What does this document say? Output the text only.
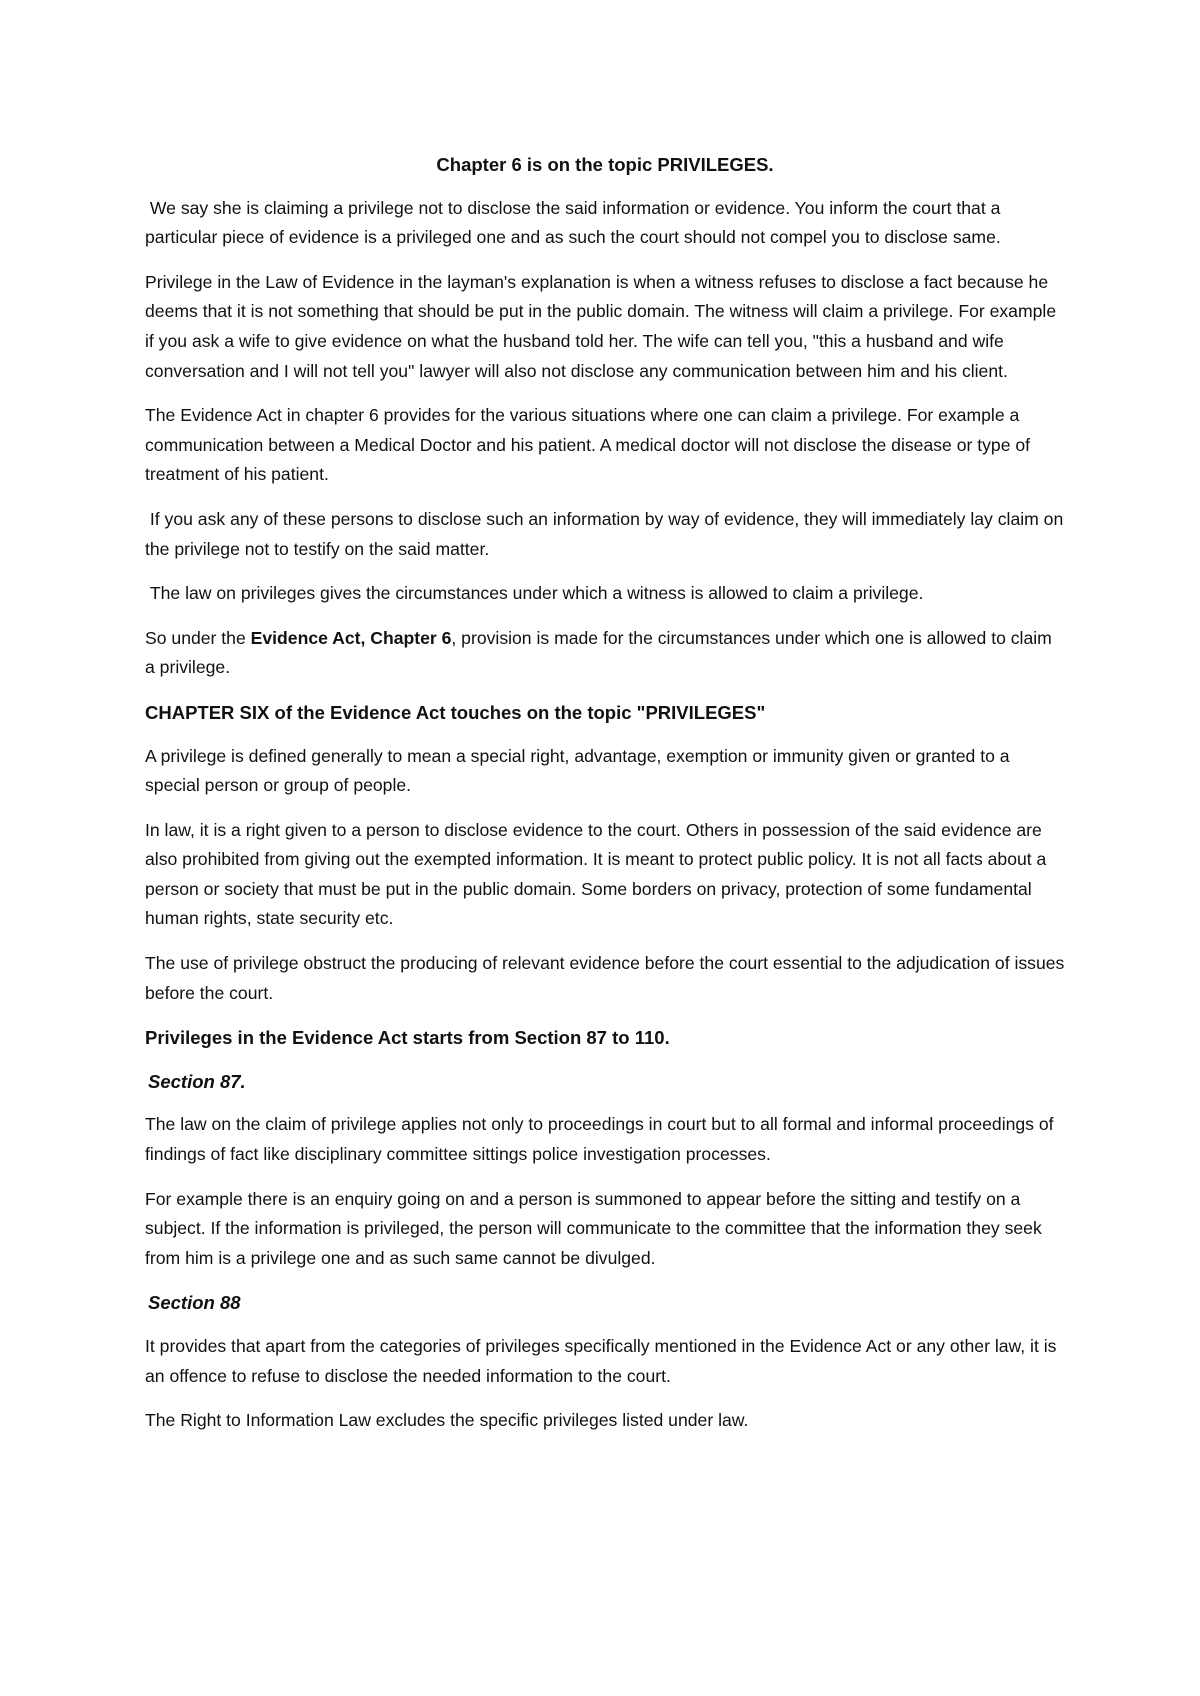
Chapter 6 is on the topic PRIVILEGES.

We say she is claiming a privilege not to disclose the said information or evidence. You inform the court that a particular piece of evidence is a privileged one and as such the court should not compel you to disclose same.

Privilege in the Law of Evidence in the layman's explanation is when a witness refuses to disclose a fact because he deems that it is not something that should be put in the public domain. The witness will claim a privilege. For example if you ask a wife to give evidence on what the husband told her. The wife can tell you, "this a husband and wife conversation and I will not tell you" lawyer will also not disclose any communication between him and his client.

The Evidence Act in chapter 6 provides for the various situations where one can claim a privilege. For example a communication between a Medical Doctor and his patient. A medical doctor will not disclose the disease or type of treatment of his patient.

If you ask any of these persons to disclose such an information by way of evidence, they will immediately lay claim on the privilege not to testify on the said matter.

The law on privileges gives the circumstances under which a witness is allowed to claim a privilege.

So under the Evidence Act, Chapter 6, provision is made for the circumstances under which one is allowed to claim a privilege.

CHAPTER SIX of the Evidence Act touches on the topic "PRIVILEGES"

A privilege is defined generally to mean a special right, advantage, exemption or immunity given or granted to a special person or group of people.

In law, it is a right given to a person to disclose evidence to the court. Others in possession of the said evidence are also prohibited from giving out the exempted information. It is meant to protect public policy. It is not all facts about a person or society that must be put in the public domain. Some borders on privacy, protection of some fundamental human rights, state security etc.

The use of privilege obstruct the producing of relevant evidence before the court essential to the adjudication of issues before the court.

Privileges in the Evidence Act starts from Section 87 to 110.

Section 87.

The law on the claim of privilege applies not only to proceedings in court but to all formal and informal proceedings of findings of fact like disciplinary committee sittings police investigation processes.

For example there is an enquiry going on and a person is summoned to appear before the sitting and testify on a subject. If the information is privileged, the person will communicate to the committee that the information they seek from him is a privilege one and as such same cannot be divulged.

Section 88

It provides that apart from the categories of privileges specifically mentioned in the Evidence Act or any other law, it is an offence to refuse to disclose the needed information to the court.

The Right to Information Law excludes the specific privileges listed under law.
